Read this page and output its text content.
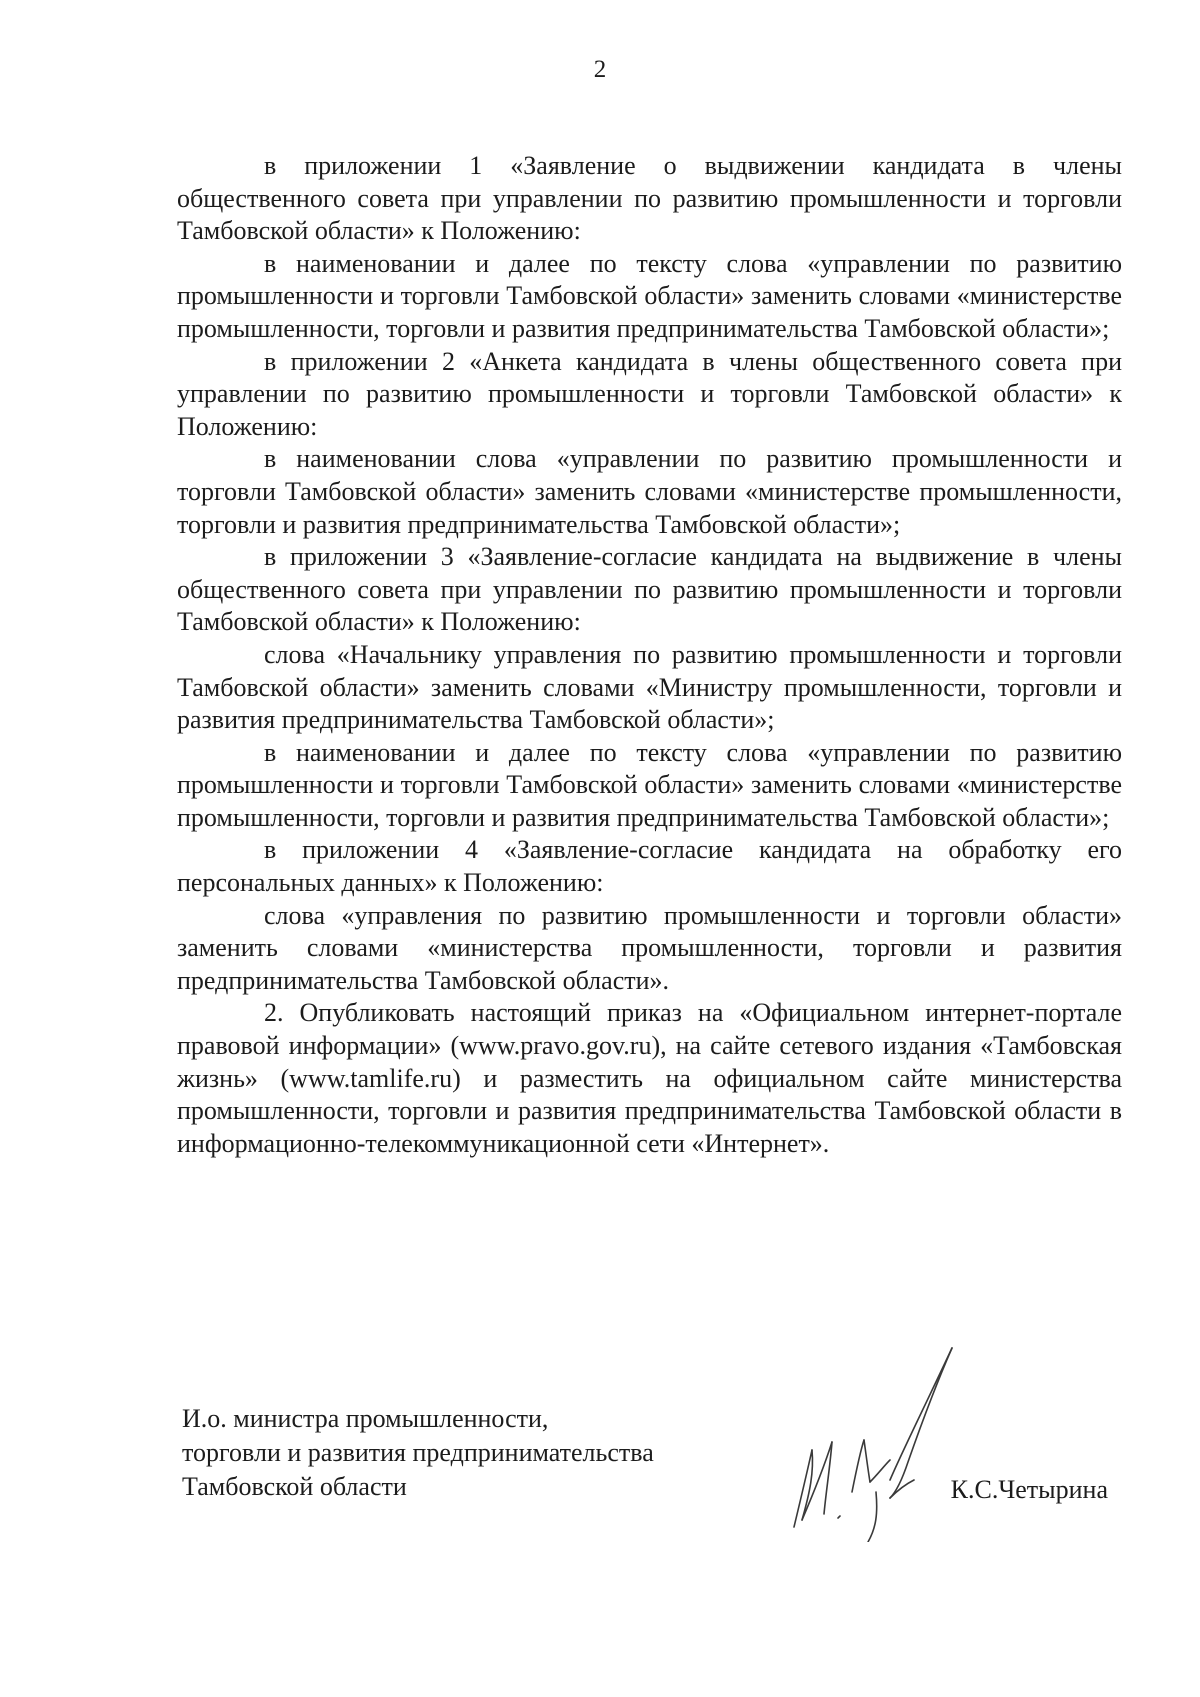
2

в приложении 1 «Заявление о выдвижении кандидата в члены общественного совета при управлении по развитию промышленности и торговли Тамбовской области» к Положению:

в наименовании и далее по тексту слова «управлении по развитию промышленности и торговли Тамбовской области» заменить словами «министерстве промышленности, торговли и развития предпринимательства Тамбовской области»;

в приложении 2 «Анкета кандидата в члены общественного совета при управлении по развитию промышленности и торговли Тамбовской области» к Положению:

в наименовании слова «управлении по развитию промышленности и торговли Тамбовской области» заменить словами «министерстве промышленности, торговли и развития предпринимательства Тамбовской области»;

в приложении 3 «Заявление-согласие кандидата на выдвижение в члены общественного совета при управлении по развитию промышленности и торговли Тамбовской области» к Положению:

слова «Начальнику управления по развитию промышленности и торговли Тамбовской области» заменить словами «Министру промышленности, торговли и развития предпринимательства Тамбовской области»;

в наименовании и далее по тексту слова «управлении по развитию промышленности и торговли Тамбовской области» заменить словами «министерстве промышленности, торговли и развития предпринимательства Тамбовской области»;

в приложении 4 «Заявление-согласие кандидата на обработку его персональных данных» к Положению:

слова «управления по развитию промышленности и торговли области» заменить словами «министерства промышленности, торговли и развития предпринимательства Тамбовской области».

2. Опубликовать настоящий приказ на «Официальном интернет-портале правовой информации» (www.pravo.gov.ru), на сайте сетевого издания «Тамбовская жизнь» (www.tamlife.ru) и разместить на официальном сайте министерства промышленности, торговли и развития предпринимательства Тамбовской области в информационно-телекоммуникационной сети «Интернет».

И.о. министра промышленности,
торговли и развития предпринимательства
Тамбовской области	К.С.Четырина
